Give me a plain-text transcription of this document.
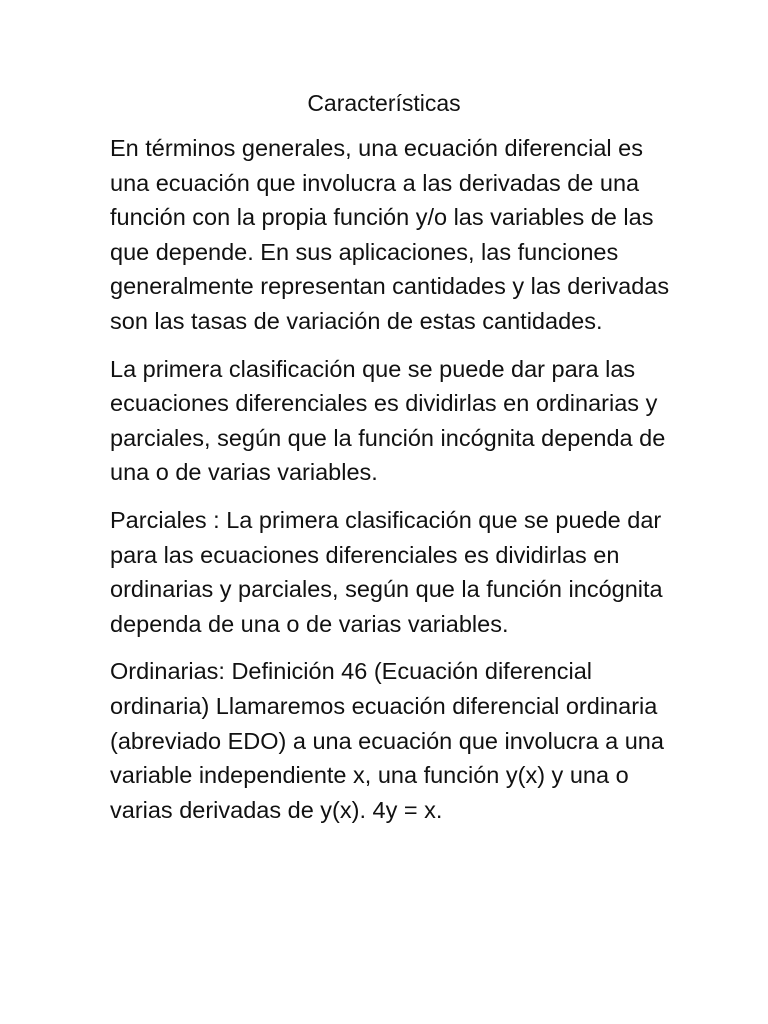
Características

En términos generales, una ecuación diferencial es una ecuación que involucra a las derivadas de una función con la propia función y/o las variables de las que depende. En sus aplicaciones, las funciones generalmente representan cantidades y las derivadas son las tasas de variación de estas cantidades.

La primera clasificación que se puede dar para las ecuaciones diferenciales es dividirlas en ordinarias y parciales, según que la función incógnita dependa de una o de varias variables.

Parciales : La primera clasificación que se puede dar para las ecuaciones diferenciales es dividirlas en ordinarias y parciales, según que la función incógnita dependa de una o de varias variables.

Ordinarias: Definición 46 (Ecuación diferencial ordinaria) Llamaremos ecuación diferencial ordinaria (abreviado EDO) a una ecuación que involucra a una variable independiente x, una función y(x) y una o varias derivadas de y(x). 4y = x.
